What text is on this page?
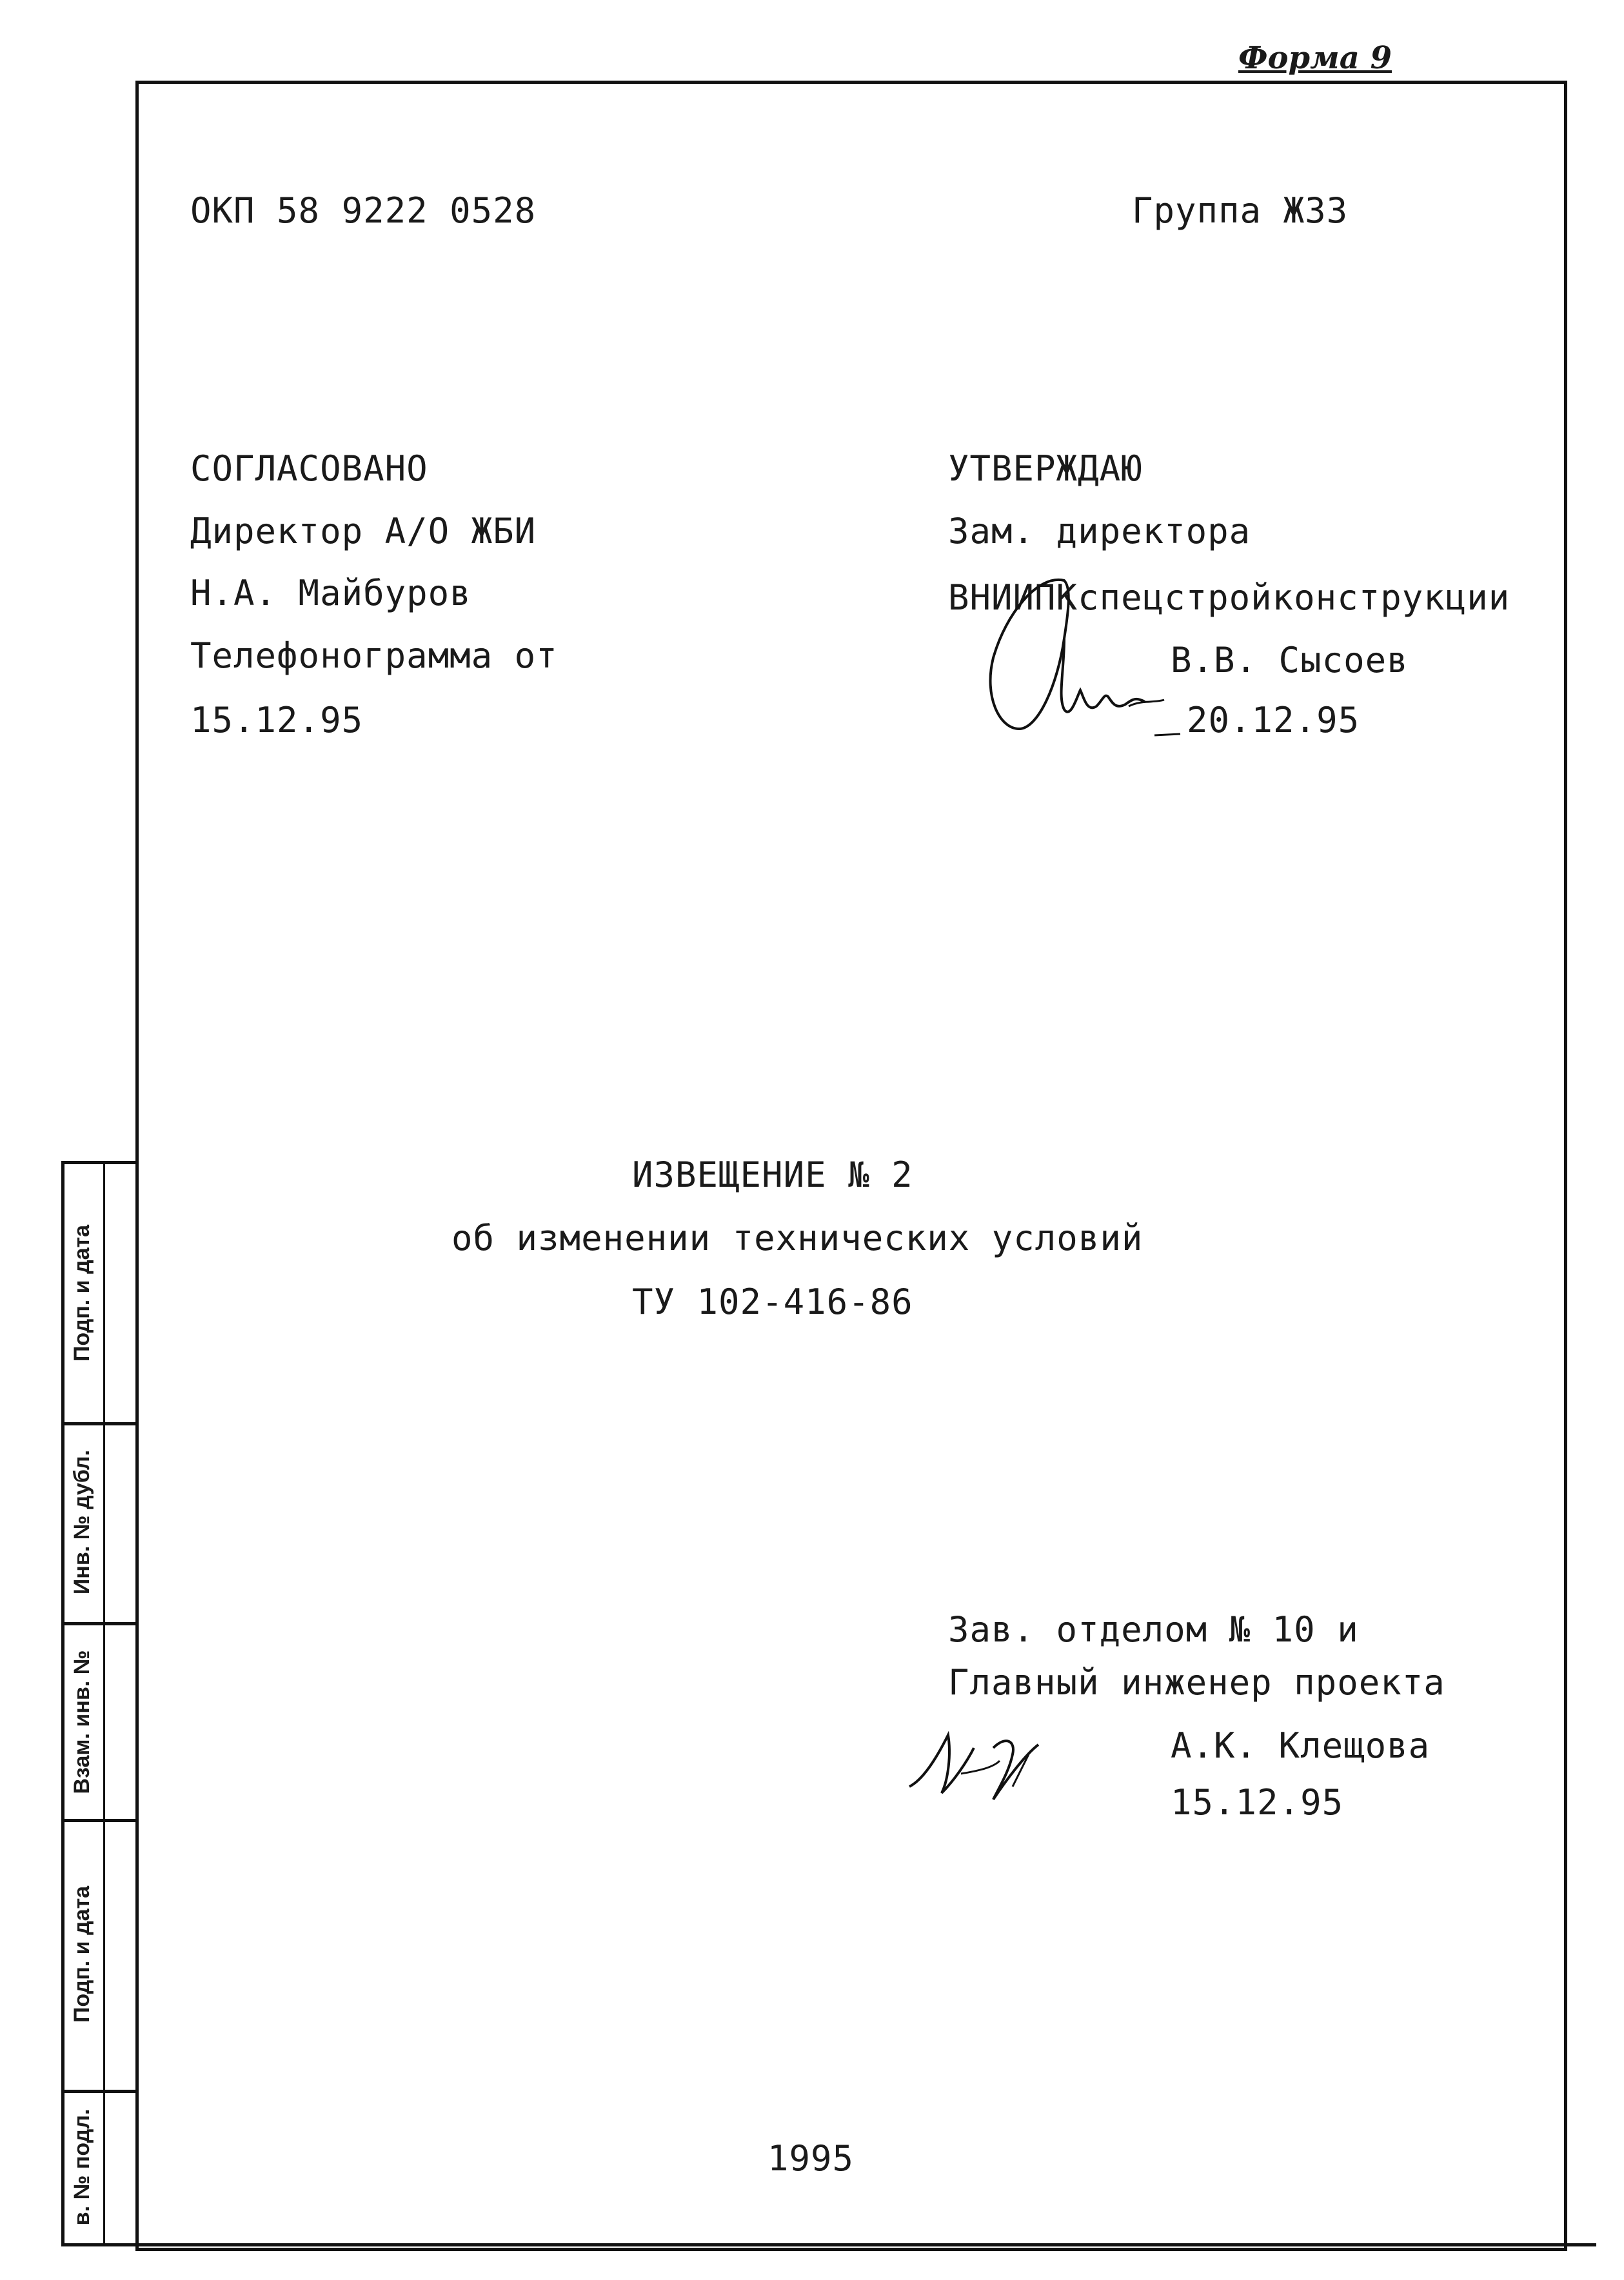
Форма 9
Подп. и дата
Инв. № дубл.
Взам. инв. №
Подп. и дата
в. № подл.
ОКП 58 9222 0528	Группа Ж33
СОГЛАСОВАНО
Директор А/О ЖБИ
Н.А. Майбуров
Телефонограмма от
15.12.95
УТВЕРЖДАЮ
Зам. директора
ВНИИПКспецстройконструкции
В.В. Сысоев
20.12.95
ИЗВЕЩЕНИЕ № 2
об изменении технических условий
ТУ 102-416-86
Зав. отделом № 10 и
Главный инженер проекта
А.К. Клещова
15.12.95
1995
